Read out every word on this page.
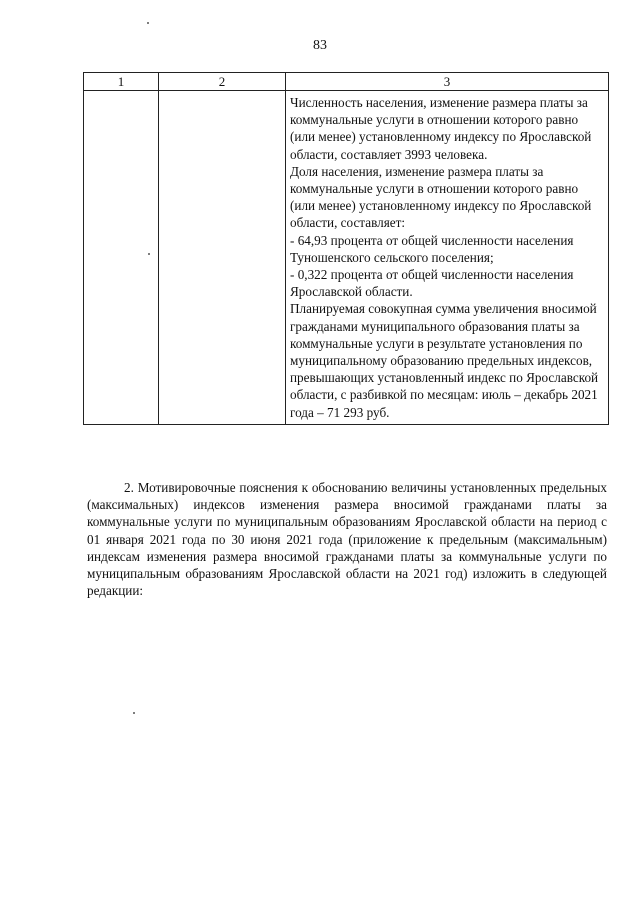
83
1	2	3

		Численность населения, изменение размера платы за коммунальные услуги в отношении которого равно (или менее) установленному индексу по Ярославской области, составляет 3993 человека.

Доля населения, изменение размера платы за коммунальные услуги в отношении которого равно (или менее) установленному индексу по Ярославской области, составляет:

- 64,93 процента от общей численности населения Туношенского сельского поселения;

- 0,322 процента от общей численности населения Ярославской области.

Планируемая совокупная сумма увеличения вносимой гражданами муниципального образования платы за коммунальные услуги в результате установления по муниципальному образованию предельных индексов, превышающих установленный индекс по Ярославской области, с разбивкой по месяцам: июль – декабрь 2021 года – 71 293 руб.

2. Мотивировочные пояснения к обоснованию величины установленных предельных (максимальных) индексов изменения размера вносимой гражданами платы за коммунальные услуги по муниципальным образованиям Ярославской области на период с 01 января 2021 года по 30 июня 2021 года (приложение к предельным (максимальным) индексам изменения размера вносимой гражданами платы за коммунальные услуги по муниципальным образованиям Ярославской области на 2021 год) изложить в следующей редакции:
